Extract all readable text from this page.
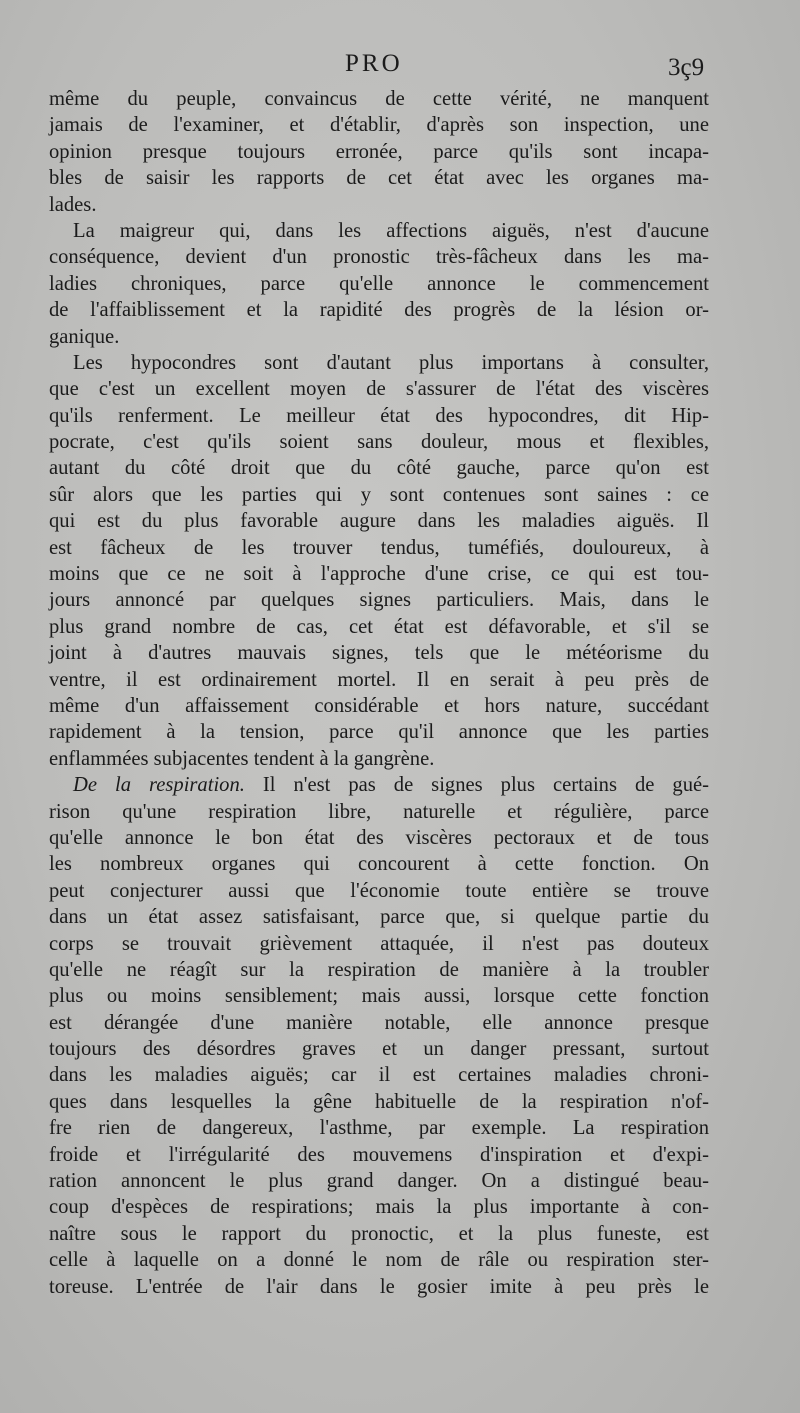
PRO	3ç9
même du peuple, convaincus de cette vérité, ne manquent
jamais de l'examiner, et d'établir, d'après son inspection, une
opinion presque toujours erronée, parce qu'ils sont incapa-
bles de saisir les rapports de cet état avec les organes ma-
lades.
La maigreur qui, dans les affections aiguës, n'est d'aucune
conséquence, devient d'un pronostic très-fâcheux dans les ma-
ladies chroniques, parce qu'elle annonce le commencement
de l'affaiblissement et la rapidité des progrès de la lésion or-
ganique.
Les hypocondres sont d'autant plus importans à consulter,
que c'est un excellent moyen de s'assurer de l'état des viscères
qu'ils renferment. Le meilleur état des hypocondres, dit Hip-
pocrate, c'est qu'ils soient sans douleur, mous et flexibles,
autant du côté droit que du côté gauche, parce qu'on est
sûr alors que les parties qui y sont contenues sont saines : ce
qui est du plus favorable augure dans les maladies aiguës. Il
est fâcheux de les trouver tendus, tuméfiés, douloureux, à
moins que ce ne soit à l'approche d'une crise, ce qui est tou-
jours annoncé par quelques signes particuliers. Mais, dans le
plus grand nombre de cas, cet état est défavorable, et s'il se
joint à d'autres mauvais signes, tels que le météorisme du
ventre, il est ordinairement mortel. Il en serait à peu près de
même d'un affaissement considérable et hors nature, succédant
rapidement à la tension, parce qu'il annonce que les parties
enflammées subjacentes tendent à la gangrène.
De la respiration. Il n'est pas de signes plus certains de gué-
rison qu'une respiration libre, naturelle et régulière, parce
qu'elle annonce le bon état des viscères pectoraux et de tous
les nombreux organes qui concourent à cette fonction. On
peut conjecturer aussi que l'économie toute entière se trouve
dans un état assez satisfaisant, parce que, si quelque partie du
corps se trouvait grièvement attaquée, il n'est pas douteux
qu'elle ne réagît sur la respiration de manière à la troubler
plus ou moins sensiblement; mais aussi, lorsque cette fonction
est dérangée d'une manière notable, elle annonce presque
toujours des désordres graves et un danger pressant, surtout
dans les maladies aiguës; car il est certaines maladies chroni-
ques dans lesquelles la gêne habituelle de la respiration n'of-
fre rien de dangereux, l'asthme, par exemple. La respiration
froide et l'irrégularité des mouvemens d'inspiration et d'expi-
ration annoncent le plus grand danger. On a distingué beau-
coup d'espèces de respirations; mais la plus importante à con-
naître sous le rapport du pronoctic, et la plus funeste, est
celle à laquelle on a donné le nom de râle ou respiration ster-
toreuse. L'entrée de l'air dans le gosier imite à peu près le
